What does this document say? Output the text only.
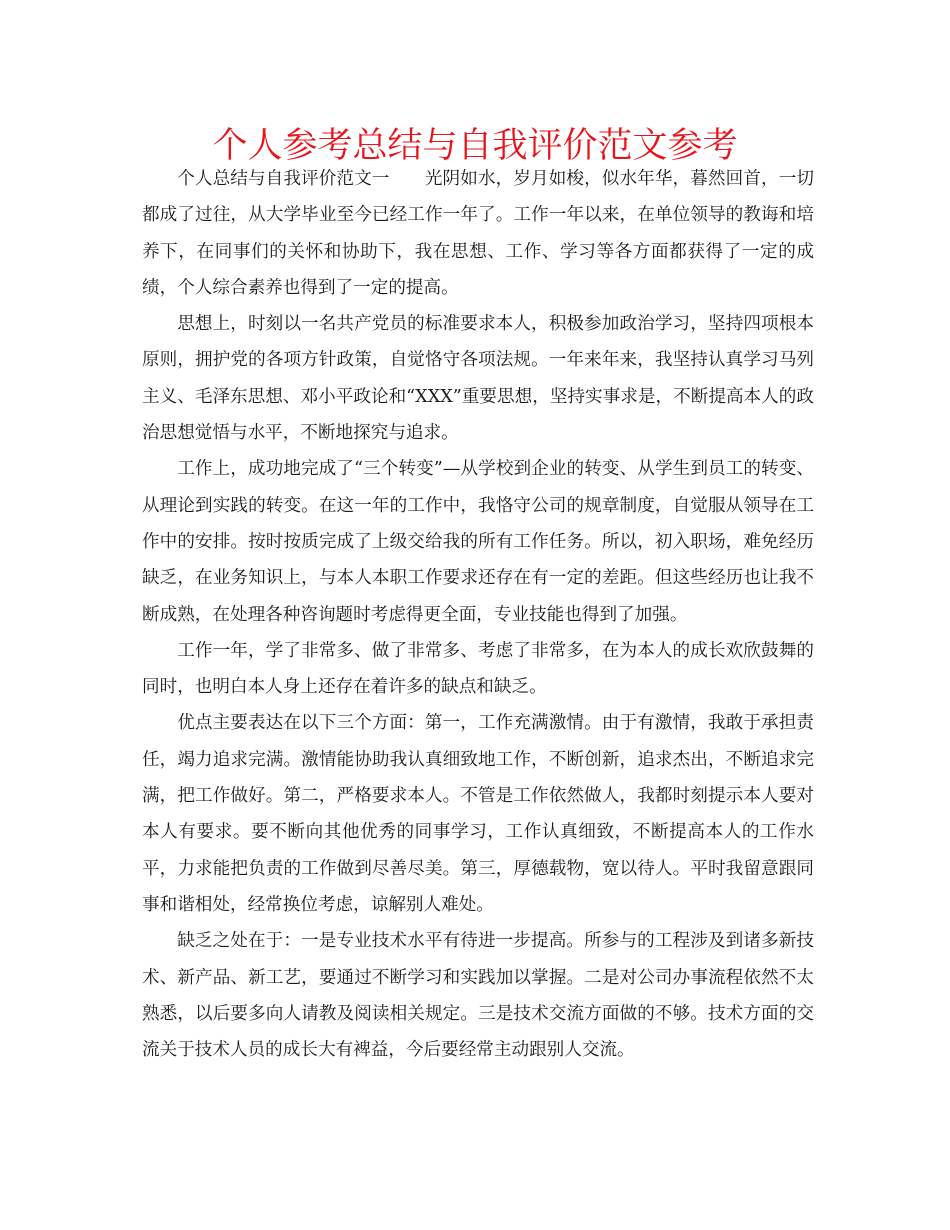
个人参考总结与自我评价范文参考

个人总结与自我评价范文一　　光阴如水，岁月如梭，似水年华，暮然回首，一切都成了过往，从大学毕业至今已经工作一年了。工作一年以来，在单位领导的教诲和培养下，在同事们的关怀和协助下，我在思想、工作、学习等各方面都获得了一定的成绩，个人综合素养也得到了一定的提高。

思想上，时刻以一名共产党员的标准要求本人，积极参加政治学习，坚持四项根本原则，拥护党的各项方针政策，自觉恪守各项法规。一年来年来，我坚持认真学习马列主义、毛泽东思想、邓小平政论和“XXX”重要思想，坚持实事求是，不断提高本人的政治思想觉悟与水平，不断地探究与追求。

工作上，成功地完成了“三个转变”—从学校到企业的转变、从学生到员工的转变、从理论到实践的转变。在这一年的工作中，我恪守公司的规章制度，自觉服从领导在工作中的安排。按时按质完成了上级交给我的所有工作任务。所以，初入职场，难免经历缺乏，在业务知识上，与本人本职工作要求还存在有一定的差距。但这些经历也让我不断成熟，在处理各种咨询题时考虑得更全面，专业技能也得到了加强。

工作一年，学了非常多、做了非常多、考虑了非常多，在为本人的成长欢欣鼓舞的同时，也明白本人身上还存在着许多的缺点和缺乏。

优点主要表达在以下三个方面：第一，工作充满激情。由于有激情，我敢于承担责任，竭力追求完满。激情能协助我认真细致地工作，不断创新，追求杰出，不断追求完满，把工作做好。第二，严格要求本人。不管是工作依然做人，我都时刻提示本人要对本人有要求。要不断向其他优秀的同事学习，工作认真细致，不断提高本人的工作水平，力求能把负责的工作做到尽善尽美。第三，厚德载物，宽以待人。平时我留意跟同事和谐相处，经常换位考虑，谅解别人难处。

缺乏之处在于：一是专业技术水平有待进一步提高。所参与的工程涉及到诸多新技术、新产品、新工艺，要通过不断学习和实践加以掌握。二是对公司办事流程依然不太熟悉，以后要多向人请教及阅读相关规定。三是技术交流方面做的不够。技术方面的交流关于技术人员的成长大有裨益，今后要经常主动跟别人交流。
